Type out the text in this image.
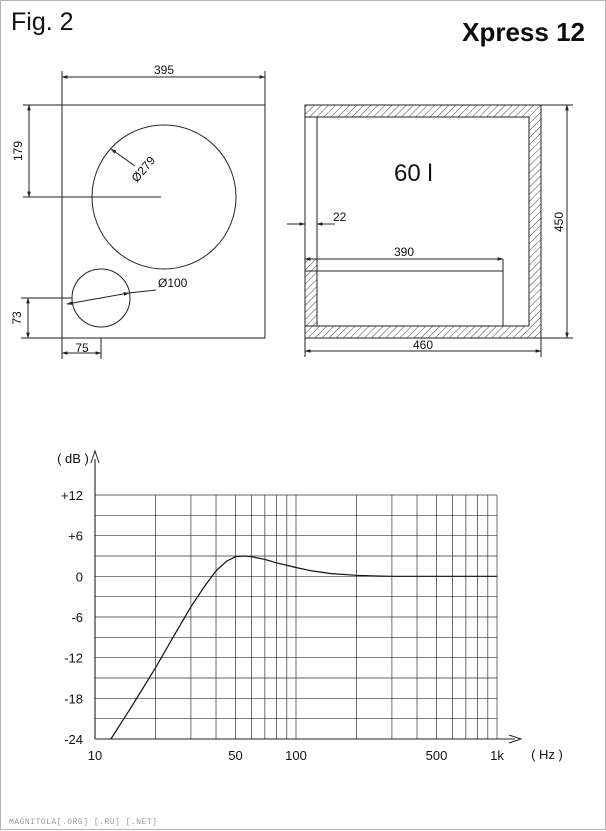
Fig. 2	Xpress 12
395
179
Ø279
Ø100
73
75
22
390
450
460
+12
+6
0
-6
-12
-18
-24
10	50	100	500	1k
( dB )
( Hz )
60 l
MAGNITOLA[.ORG] [.RU] [.NET]
